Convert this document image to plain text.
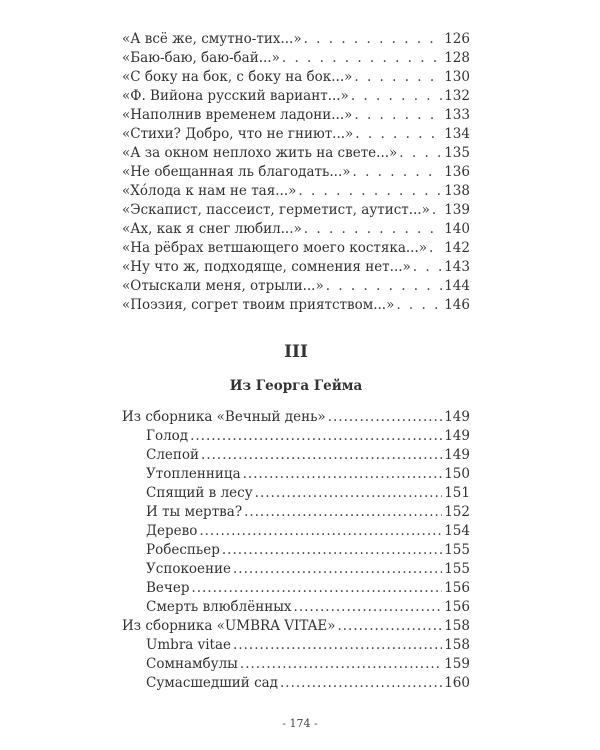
«А всё же, смутно-тих...» . . .	126
«Баю-баю, баю-бай...» . . .	128
«С боку на бок, с боку на бок...» . . .	130
«Ф. Вийона русский вариант...» . . .	132
«Наполнив временем ладони...» . . .	133
«Стихи? Добро, что не гниют...» . . .	134
«А за окном неплохо жить на свете...» . . .	135
«Не обещанная ль благодать...» . . .	136
«Хóлода к нам не тая...» . . .	138
«Эскапист, пассеист, герметист, аутист...» . . . 139
«Ах, как я снег любил...» . . .	140
«На рёбрах ветшающего моего костяка...» . . . 142
«Ну что ж, подходяще, сомнения нет...» . . . 143
«Отыскали меня, отрыли...» . . .	144
«Поэзия, согрет твоим приятством...» . . .	146
III
Из Георга Гейма
Из сборника «Вечный день» .....	149
Голод .....	149
Слепой .....	149
Утопленница .....	150
Спящий в лесу .....	151
И ты мертва? .....	152
Дерево .....	154
Робеспьер .....	155
Успокоение .....	155
Вечер .....	156
Смерть влюблённых .....	156
Из сборника «UMBRA VITAE» .....	158
Umbra vitae .....	158
Сомнамбулы .....	159
Сумасшедший сад .....	160
- 174 -
